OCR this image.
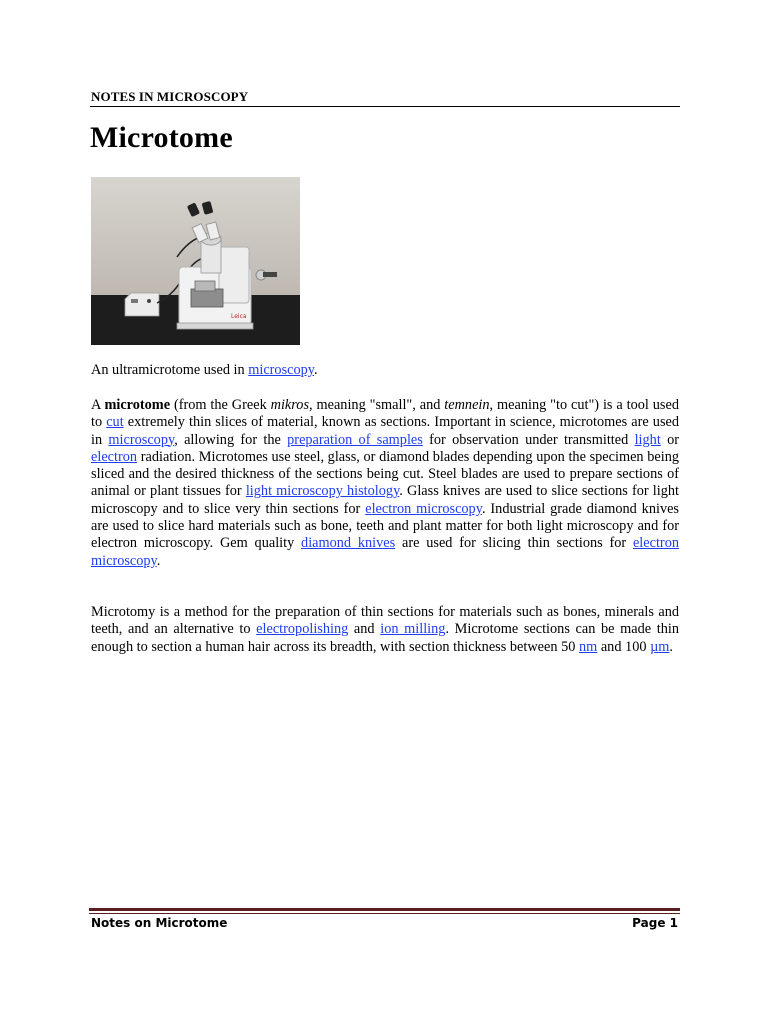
NOTES IN MICROSCOPY
Microtome
Leica

An ultramicrotome used in microscopy.

A microtome (from the Greek mikros, meaning "small", and temnein, meaning "to cut") is a tool used to cut extremely thin slices of material, known as sections. Important in science, microtomes are used in microscopy, allowing for the preparation of samples for observation under transmitted light or electron radiation. Microtomes use steel, glass, or diamond blades depending upon the specimen being sliced and the desired thickness of the sections being cut. Steel blades are used to prepare sections of animal or plant tissues for light microscopy histology. Glass knives are used to slice sections for light microscopy and to slice very thin sections for electron microscopy. Industrial grade diamond knives are used to slice hard materials such as bone, teeth and plant matter for both light microscopy and for electron microscopy. Gem quality diamond knives are used for slicing thin sections for electron microscopy.

Microtomy is a method for the preparation of thin sections for materials such as bones, minerals and teeth, and an alternative to electropolishing and ion milling. Microtome sections can be made thin enough to section a human hair across its breadth, with section thickness between 50 nm and 100 µm.

Notes on Microtome	Page 1
